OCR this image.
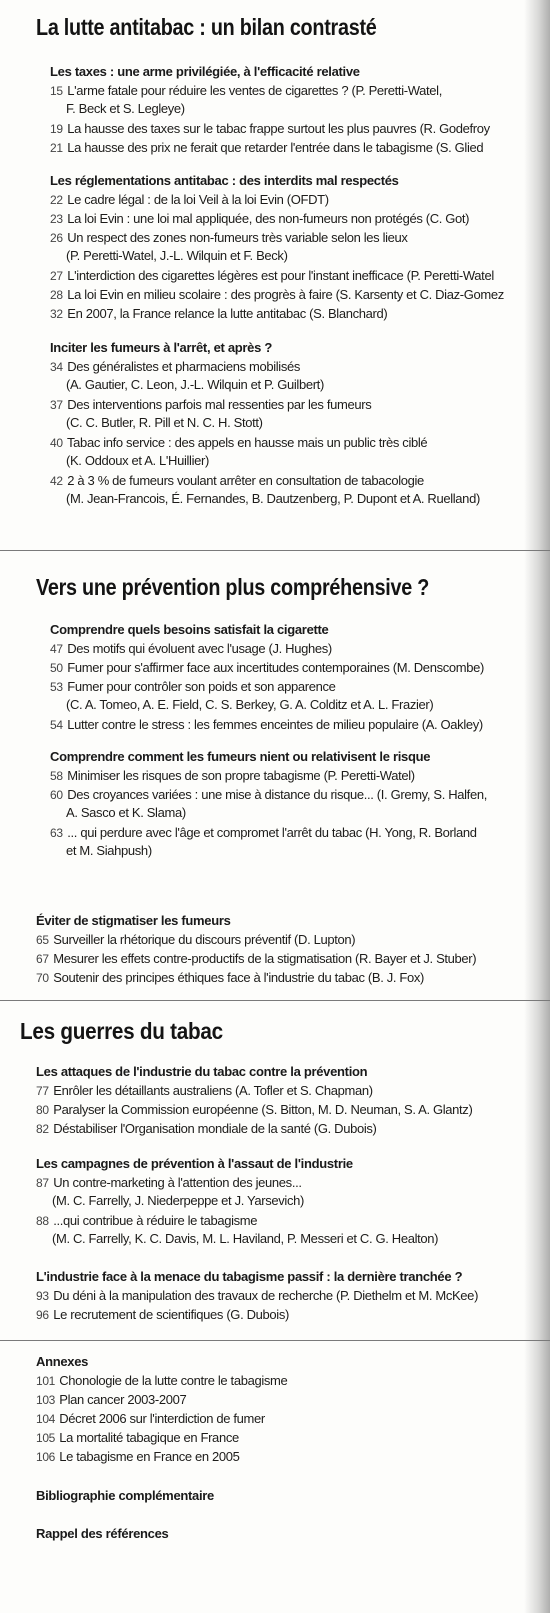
La lutte antitabac : un bilan contrasté
Les taxes : une arme privilégiée, à l'efficacité relative
15 L'arme fatale pour réduire les ventes de cigarettes ? (P. Peretti-Watel,
F. Beck et S. Legleye)
19 La hausse des taxes sur le tabac frappe surtout les plus pauvres (R. Godefroy
21 La hausse des prix ne ferait que retarder l'entrée dans le tabagisme (S. Glied
Les réglementations antitabac : des interdits mal respectés
22 Le cadre légal : de la loi Veil à la loi Evin (OFDT)
23 La loi Evin : une loi mal appliquée, des non-fumeurs non protégés (C. Got)
26 Un respect des zones non-fumeurs très variable selon les lieux
(P. Peretti-Watel, J.-L. Wilquin et F. Beck)
27 L'interdiction des cigarettes légères est pour l'instant inefficace (P. Peretti-Watel
28 La loi Evin en milieu scolaire : des progrès à faire (S. Karsenty et C. Diaz-Gomez
32 En 2007, la France relance la lutte antitabac (S. Blanchard)
Inciter les fumeurs à l'arrêt, et après ?
34 Des généralistes et pharmaciens mobilisés
(A. Gautier, C. Leon, J.-L. Wilquin et P. Guilbert)
37 Des interventions parfois mal ressenties par les fumeurs
(C. C. Butler, R. Pill et N. C. H. Stott)
40 Tabac info service : des appels en hausse mais un public très ciblé
(K. Oddoux et A. L'Huillier)
42 2 à 3 % de fumeurs voulant arrêter en consultation de tabacologie
(M. Jean-Francois, É. Fernandes, B. Dautzenberg, P. Dupont et A. Ruelland)
Vers une prévention plus compréhensive ?
Comprendre quels besoins satisfait la cigarette
47 Des motifs qui évoluent avec l'usage (J. Hughes)
50 Fumer pour s'affirmer face aux incertitudes contemporaines (M. Denscombe)
53 Fumer pour contrôler son poids et son apparence
(C. A. Tomeo, A. E. Field, C. S. Berkey, G. A. Colditz et A. L. Frazier)
54 Lutter contre le stress : les femmes enceintes de milieu populaire (A. Oakley)
Comprendre comment les fumeurs nient ou relativisent le risque
58 Minimiser les risques de son propre tabagisme (P. Peretti-Watel)
60 Des croyances variées : une mise à distance du risque... (I. Gremy, S. Halfen,
A. Sasco et K. Slama)
63 ... qui perdure avec l'âge et compromet l'arrêt du tabac (H. Yong, R. Borland
et M. Siahpush)
Éviter de stigmatiser les fumeurs
65 Surveiller la rhétorique du discours préventif (D. Lupton)
67 Mesurer les effets contre-productifs de la stigmatisation (R. Bayer et J. Stuber)
70 Soutenir des principes éthiques face à l'industrie du tabac (B. J. Fox)
Les guerres du tabac
Les attaques de l'industrie du tabac contre la prévention
77 Enrôler les détaillants australiens (A. Tofler et S. Chapman)
80 Paralyser la Commission européenne (S. Bitton, M. D. Neuman, S. A. Glantz)
82 Déstabiliser l'Organisation mondiale de la santé (G. Dubois)
Les campagnes de prévention à l'assaut de l'industrie
87 Un contre-marketing à l'attention des jeunes...
(M. C. Farrelly, J. Niederpeppe et J. Yarsevich)
88 ...qui contribue à réduire le tabagisme
(M. C. Farrelly, K. C. Davis, M. L. Haviland, P. Messeri et C. G. Healton)
L'industrie face à la menace du tabagisme passif : la dernière tranchée ?
93 Du déni à la manipulation des travaux de recherche (P. Diethelm et M. McKee)
96 Le recrutement de scientifiques (G. Dubois)
Annexes
101 Chonologie de la lutte contre le tabagisme
103 Plan cancer 2003-2007
104 Décret 2006 sur l'interdiction de fumer
105 La mortalité tabagique en France
106 Le tabagisme en France en 2005
Bibliographie complémentaire
Rappel des références
